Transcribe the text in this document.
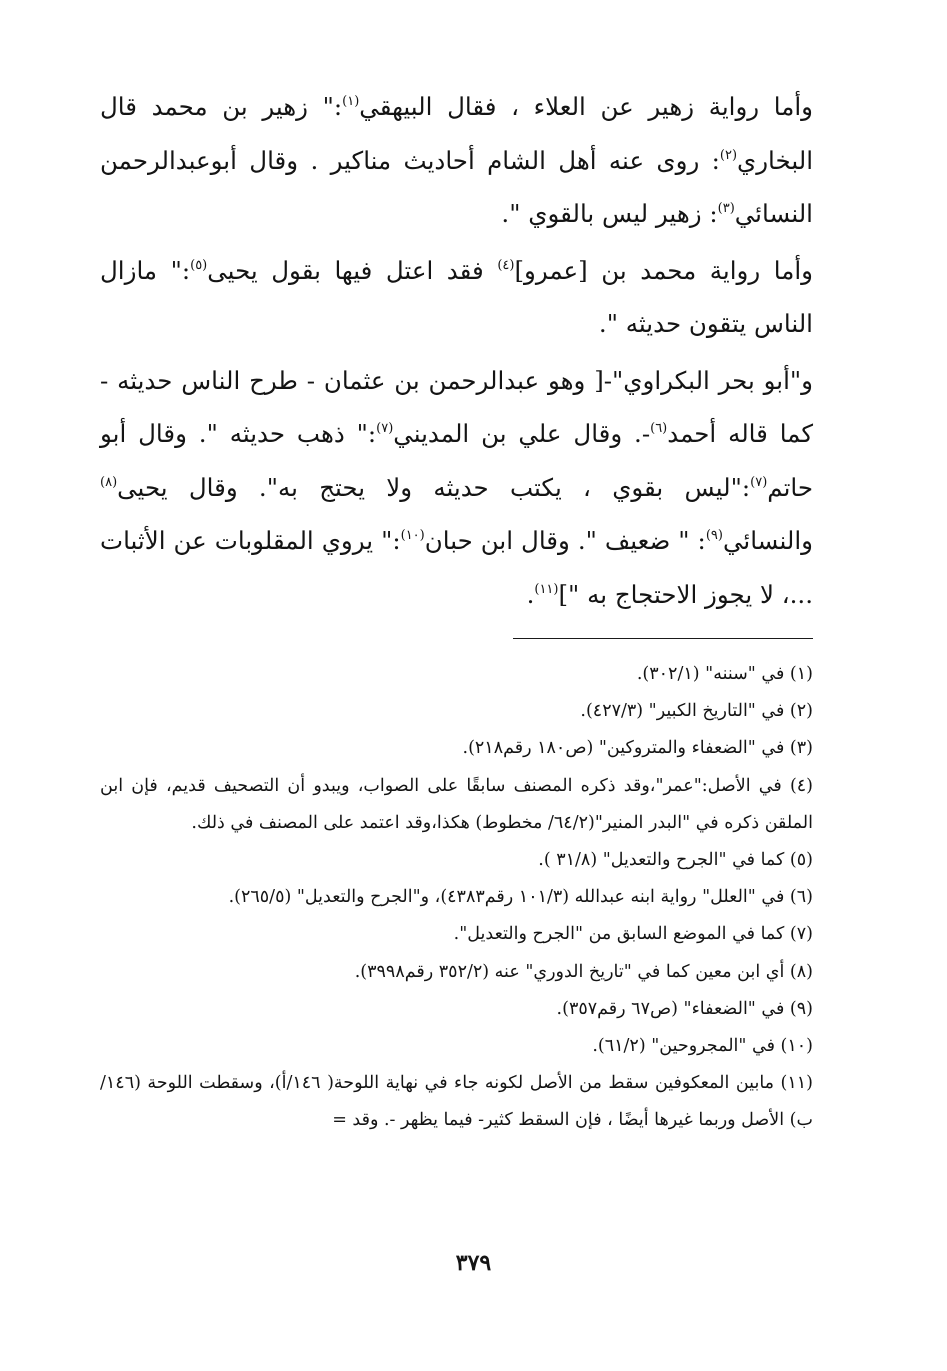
وأما رواية زهير عن العلاء ، فقال البيهقي$^{(١)}$:" زهير بن محمد قال البخاري$^{(٢)}$: روى عنه أهل الشام أحاديث مناكير . وقال أبوعبدالرحمن النسائي$^{(٣)}$: زهير ليس بالقوي ".

وأما رواية محمد بن [عمرو]$^{(٤)}$ فقد اعتل فيها بقول يحيى$^{(٥)}$:" مازال الناس يتقون حديثه ".

و"أبو بحر البكراوي"-[ وهو عبدالرحمن بن عثمان - طرح الناس حديثه - كما قاله أحمد$^{(٦)}$-. وقال علي بن المديني$^{(٧)}$:" ذهب حديثه ". وقال أبو حاتم$^{(٧)}$:"ليس بقوي ، يكتب حديثه ولا يحتج به". وقال يحيى$^{(٨)}$ والنسائي$^{(٩)}$: " ضعيف ". وقال ابن حبان$^{(١٠)}$:" يروي المقلوبات عن الأثبات ...، لا يجوز الاحتجاج به "]$^{(١١)}$.

(١) في "سننه" (٣٠٢/١).

(٢) في "التاريخ الكبير" (٤٢٧/٣).

(٣) في "الضعفاء والمتروكين" (ص١٨٠ رقم٢١٨).

(٤) في الأصل:"عمر"،وقد ذكره المصنف سابقًا على الصواب، ويبدو أن التصحيف قديم، فإن ابن الملقن ذكره في "البدر المنير"(٦٤/٢/ مخطوط) هكذا،وقد اعتمد على المصنف في ذلك.

(٥) كما في "الجرح والتعديل" (٣١/٨ ).

(٦) في "العلل" رواية ابنه عبدالله (١٠١/٣ رقم٤٣٨٣)، و"الجرح والتعديل" (٢٦٥/٥).

(٧) كما في الموضع السابق من "الجرح والتعديل".

(٨) أي ابن معين كما في "تاريخ الدوري" عنه (٣٥٢/٢ رقم٣٩٩٨).

(٩) في "الضعفاء" (ص٦٧ رقم٣٥٧).

(١٠) في "المجروحين" (٦١/٢).

(١١) مابين المعكوفين سقط من الأصل لكونه جاء في نهاية اللوحة( ١٤٦/أ)، وسقطت اللوحة (١٤٦/ب) الأصل وربما غيرها أيضًا ، فإن السقط كثير- فيما يظهر -. وقد =

٣٧٩
